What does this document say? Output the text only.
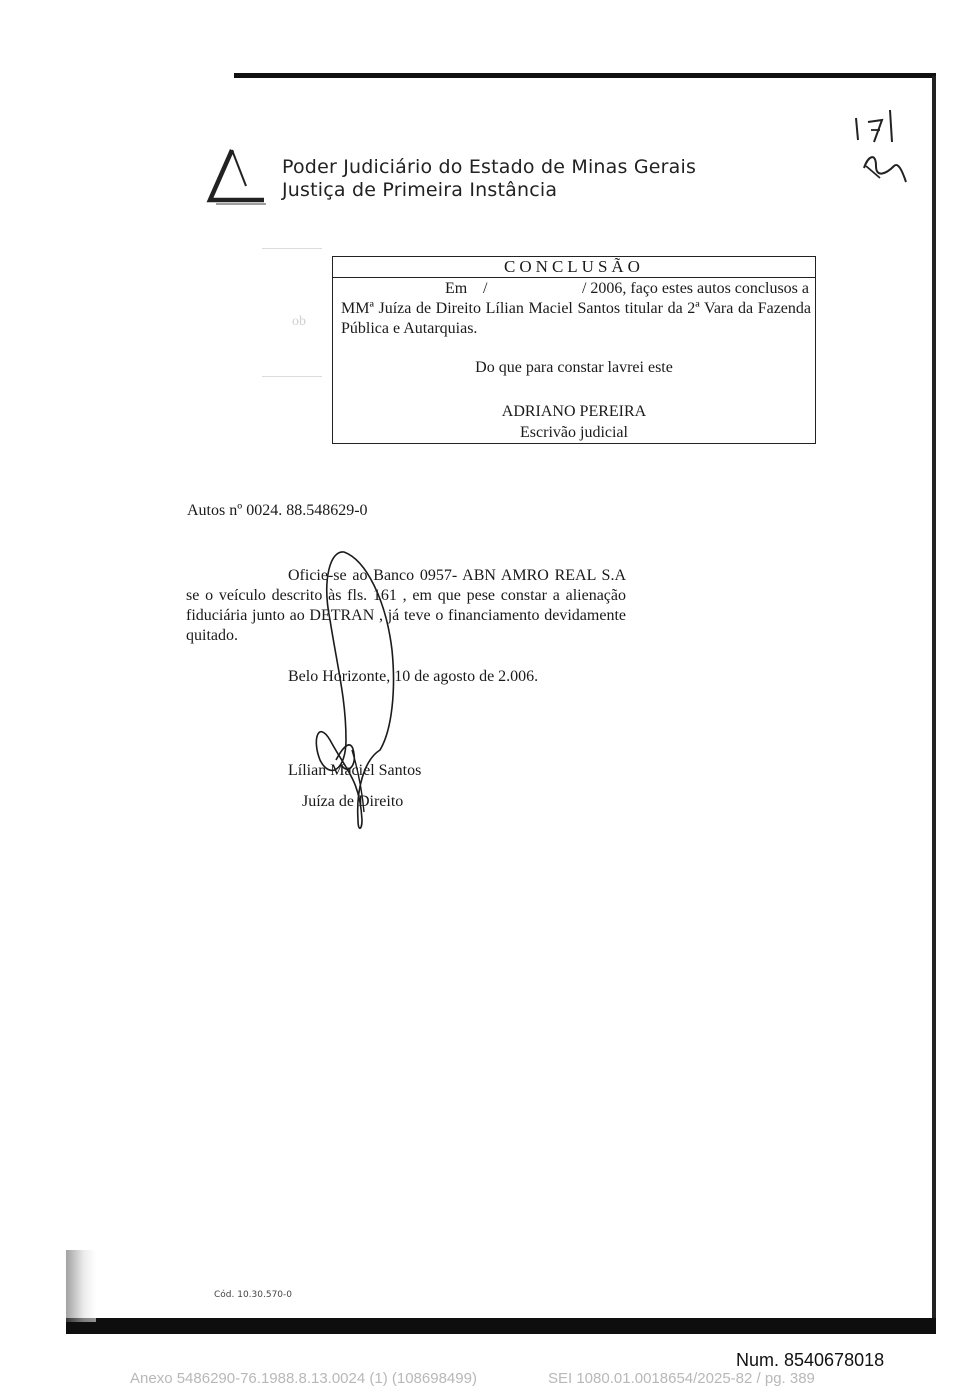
Poder Judiciário do Estado de Minas Gerais
Justiça de Primeira Instância
ob
CONCLUSÃO
Em /	/ 2006, faço estes autos conclusos a
MMª Juíza de Direito Lílian Maciel Santos titular da 2ª Vara da Fazenda Pública e Autarquias.
Do que para constar lavrei este
ADRIANO PEREIRA
Escrivão judicial
Autos nº 0024. 88.548629-0

Oficie-se ao Banco 0957- ABN AMRO REAL S.A se o veículo descrito às fls. 161 , em que pese constar a alienação fiduciária junto ao DETRAN , já teve o financiamento devidamente quitado.

Belo Horizonte, 10 de agosto de 2.006.
Lílian Maciel Santos
Juíza de Direito
Cód. 10.30.570-0
Num. 8540678018
Anexo 5486290-76.1988.8.13.0024 (1) (108698499)	SEI 1080.01.0018654/2025-82 / pg. 389
